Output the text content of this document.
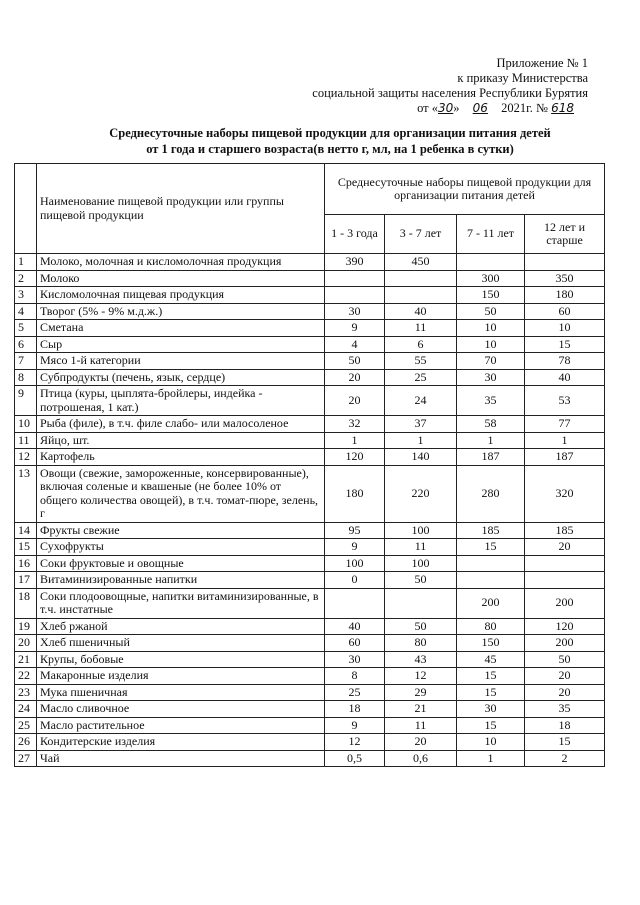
Приложение № 1
к приказу Министерства
социальной защиты населения Республики Бурятия
от «30» 06 2021г. № 618
Среднесуточные наборы пищевой продукции для организации питания детей
от 1 года и старшего возраста(в нетто г, мл, на 1 ребенка в сутки)
	Наименование пищевой продукции или группы пищевой продукции	Среднесуточные наборы пищевой продукции для организации питания детей			
		1 - 3 года	3 - 7 лет	7 - 11 лет	12 лет и старше
1	Молоко, молочная и кисломолочная продукция	390	450		
2	Молоко			300	350
3	Кисломолочная пищевая продукция			150	180
4	Творог (5% - 9% м.д.ж.)	30	40	50	60
5	Сметана	9	11	10	10
6	Сыр	4	6	10	15
7	Мясо 1-й категории	50	55	70	78
8	Субпродукты (печень, язык, сердце)	20	25	30	40
9	Птица (куры, цыплята-бройлеры, индейка - потрошеная, 1 кат.)	20	24	35	53
10	Рыба (филе), в т.ч. филе слабо- или малосоленое	32	37	58	77
11	Яйцо, шт.	1	1	1	1
12	Картофель	120	140	187	187
13	Овощи (свежие, замороженные, консервированные), включая соленые и квашеные (не более 10% от общего количества овощей), в т.ч. томат-пюре, зелень, г	180	220	280	320
14	Фрукты свежие	95	100	185	185
15	Сухофрукты	9	11	15	20
16	Соки фруктовые и овощные	100	100		
17	Витаминизированные напитки	0	50		
18	Соки плодоовощные, напитки витаминизированные, в т.ч. инстатные			200	200
19	Хлеб ржаной	40	50	80	120
20	Хлеб пшеничный	60	80	150	200
21	Крупы, бобовые	30	43	45	50
22	Макаронные изделия	8	12	15	20
23	Мука пшеничная	25	29	15	20
24	Масло сливочное	18	21	30	35
25	Масло растительное	9	11	15	18
26	Кондитерские изделия	12	20	10	15
27	Чай	0,5	0,6	1	2
